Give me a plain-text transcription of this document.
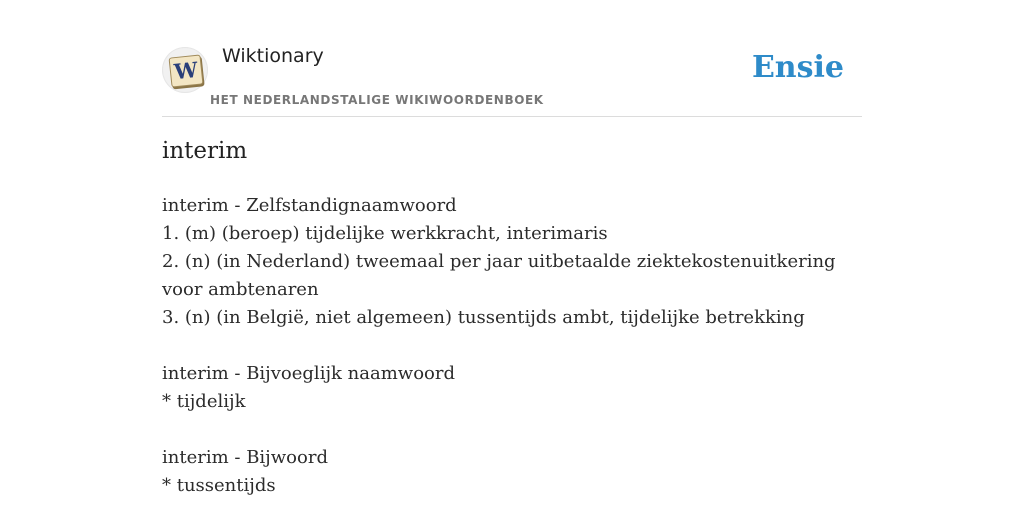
W
Wiktionary
HET NEDERLANDSTALIGE WIKIWOORDENBOEK
Ensie
interim
interim - Zelfstandignaamwoord
1. (m) (beroep) tijdelijke werkkracht, interimaris
2. (n) (in Nederland) tweemaal per jaar uitbetaalde ziektekostenuitkering voor ambtenaren
3. (n) (in België, niet algemeen) tussentijds ambt, tijdelijke betrekking
interim - Bijvoeglijk naamwoord
* tijdelijk
interim - Bijwoord
* tussentijds
